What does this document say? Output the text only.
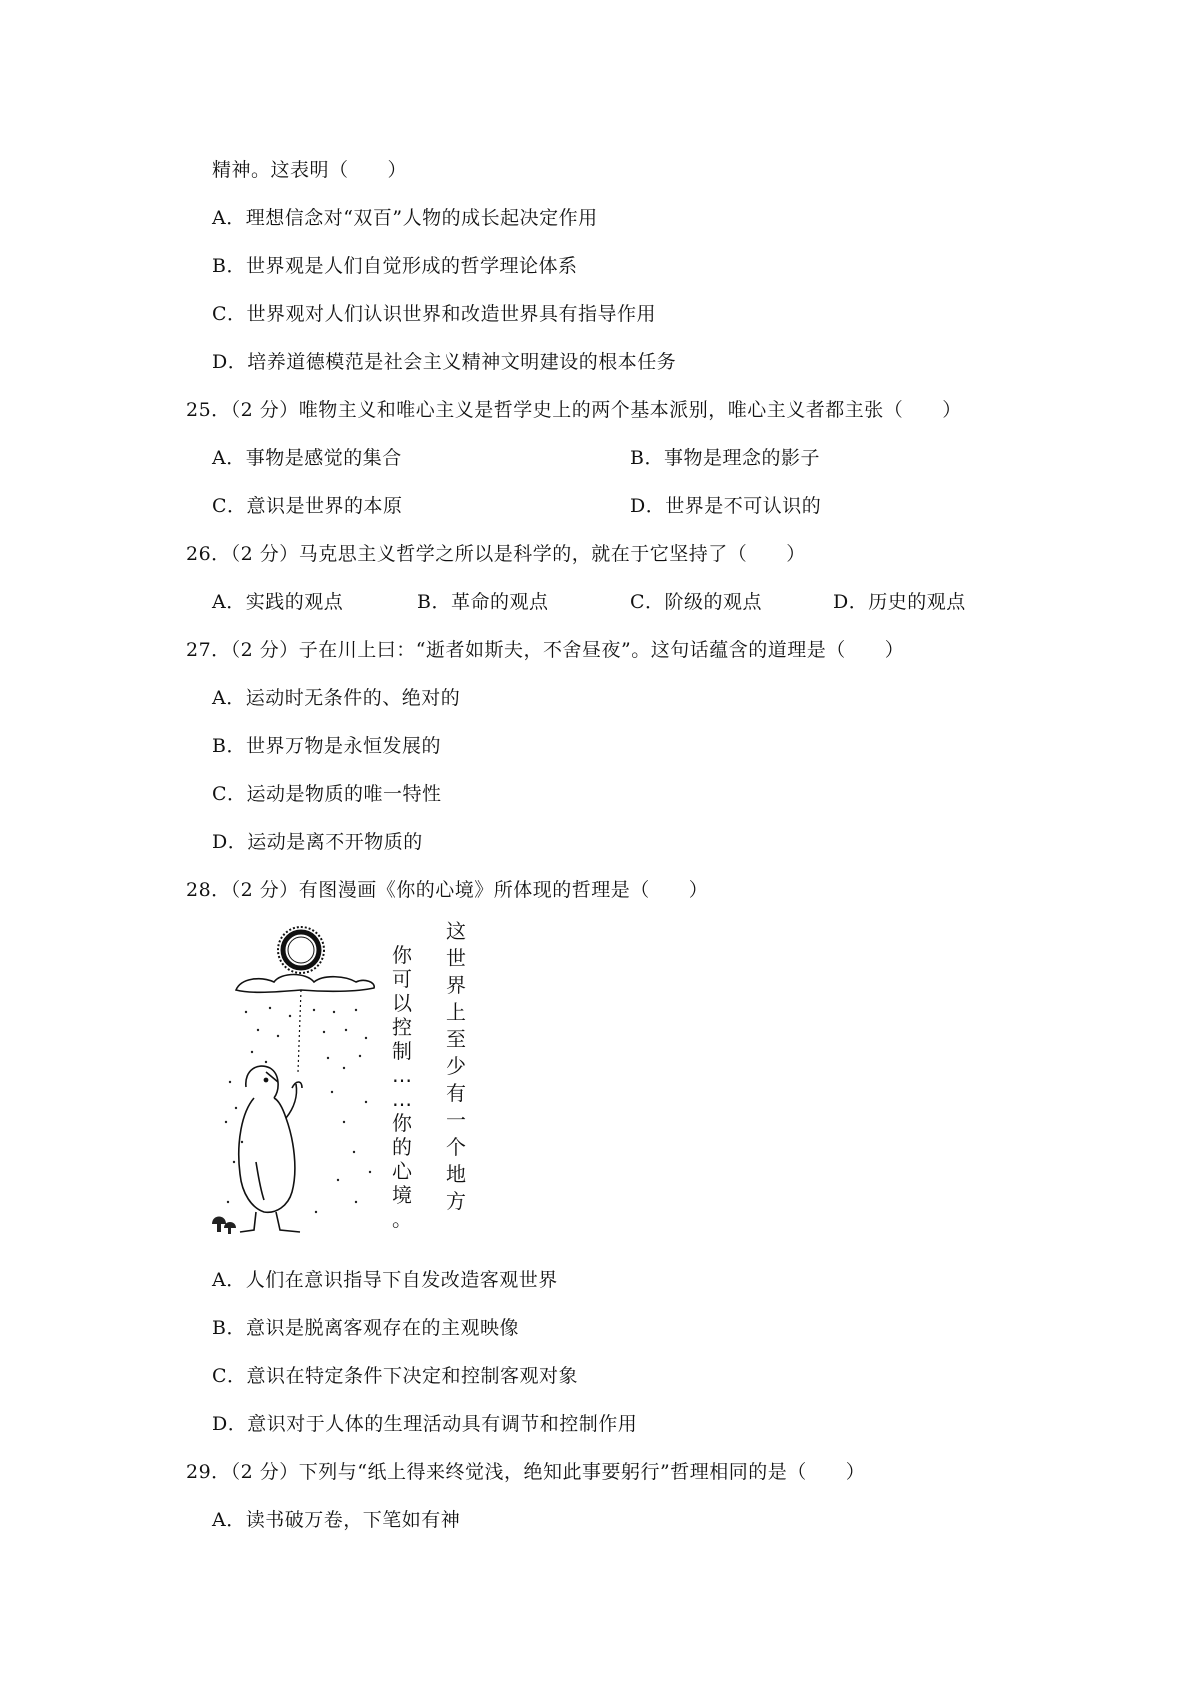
精神。这表明（　　）
A．理想信念对“双百”人物的成长起决定作用
B．世界观是人们自觉形成的哲学理论体系
C．世界观对人们认识世界和改造世界具有指导作用
D．培养道德模范是社会主义精神文明建设的根本任务
25．（2 分）唯物主义和唯心主义是哲学史上的两个基本派别，唯心主义者都主张（　　）
A．事物是感觉的集合	B．事物是理念的影子
C．意识是世界的本原	D．世界是不可认识的
26．（2 分）马克思主义哲学之所以是科学的，就在于它坚持了（　　）
A．实践的观点	B．革命的观点	C．阶级的观点	D．历史的观点
27．（2 分）子在川上曰：“逝者如斯夫，不舍昼夜”。这句话蕴含的道理是（　　）
A．运动时无条件的、绝对的
B．世界万物是永恒发展的
C．运动是物质的唯一特性
D．运动是离不开物质的
28．（2 分）有图漫画《你的心境》所体现的哲理是（　　）
这
世
界
上
至
少
有
一
个
地
方
你
可
以
控
制
…
…
你
的
心
境
。
A．人们在意识指导下自发改造客观世界
B．意识是脱离客观存在的主观映像
C．意识在特定条件下决定和控制客观对象
D．意识对于人体的生理活动具有调节和控制作用
29．（2 分）下列与“纸上得来终觉浅，绝知此事要躬行”哲理相同的是（　　）
A．读书破万卷，下笔如有神
